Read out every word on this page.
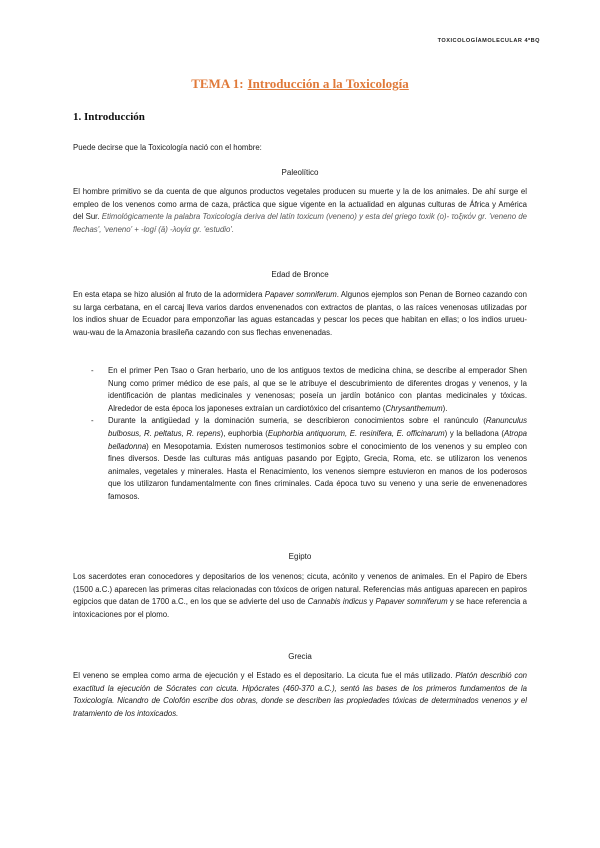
TOXICOLOGÍAMOLECULAR 4ºBQ
TEMA 1: Introducción a la Toxicología
1. Introducción
Puede decirse que la Toxicología nació con el hombre:
Paleolítico
El hombre primitivo se da cuenta de que algunos productos vegetales producen su muerte y la de los animales. De ahí surge el empleo de los venenos como arma de caza, práctica que sigue vigente en la actualidad en algunas culturas de África y América del Sur. Etimológicamente la palabra Toxicología deriva del latín toxicum (veneno) y esta del griego toxik (o)- τοξικόν gr. 'veneno de flechas', 'veneno' + -logí (ā) -λογία gr. 'estudio'.
Edad de Bronce
En esta etapa se hizo alusión al fruto de la adormidera Papaver somniferum. Algunos ejemplos son Penan de Borneo cazando con su larga cerbatana, en el carcaj lleva varios dardos envenenados con extractos de plantas, o las raíces venenosas utilizadas por los indios shuar de Ecuador para emponzoñar las aguas estancadas y pescar los peces que habitan en ellas; o los indios urueu-wau-wau de la Amazonia brasileña cazando con sus flechas envenenadas.
- En el primer Pen Tsao o Gran herbario, uno de los antiguos textos de medicina china, se describe al emperador Shen Nung como primer médico de ese país, al que se le atribuye el descubrimiento de diferentes drogas y venenos, y la identificación de plantas medicinales y venenosas; poseía un jardín botánico con plantas medicinales y tóxicas. Alrededor de esta época los japoneses extraían un cardiotóxico del crisantemo (Chrysanthemum).
- Durante la antigüedad y la dominación sumeria, se describieron conocimientos sobre el ranúnculo (Ranunculus bulbosus, R. peltatus, R. repens), euphorbia (Euphorbia antiquorum, E. resinifera, E. officinarum) y la belladona (Atropa belladonna) en Mesopotamia. Existen numerosos testimonios sobre el conocimiento de los venenos y su empleo con fines diversos. Desde las culturas más antiguas pasando por Egipto, Grecia, Roma, etc. se utilizaron los venenos animales, vegetales y minerales. Hasta el Renacimiento, los venenos siempre estuvieron en manos de los poderosos que los utilizaron fundamentalmente con fines criminales. Cada época tuvo su veneno y una serie de envenenadores famosos.
Egipto
Los sacerdotes eran conocedores y depositarios de los venenos; cicuta, acónito y venenos de animales. En el Papiro de Ebers (1500 a.C.) aparecen las primeras citas relacionadas con tóxicos de origen natural. Referencias más antiguas aparecen en papiros egipcios que datan de 1700 a.C., en los que se advierte del uso de Cannabis indicus y Papaver somniferum y se hace referencia a intoxicaciones por el plomo.
Grecia
El veneno se emplea como arma de ejecución y el Estado es el depositario. La cicuta fue el más utilizado. Platón describió con exactitud la ejecución de Sócrates con cicuta. Hipócrates (460-370 a.C.), sentó las bases de los primeros fundamentos de la Toxicología. Nicandro de Colofón escribe dos obras, donde se describen las propiedades tóxicas de determinados venenos y el tratamiento de los intoxicados.
